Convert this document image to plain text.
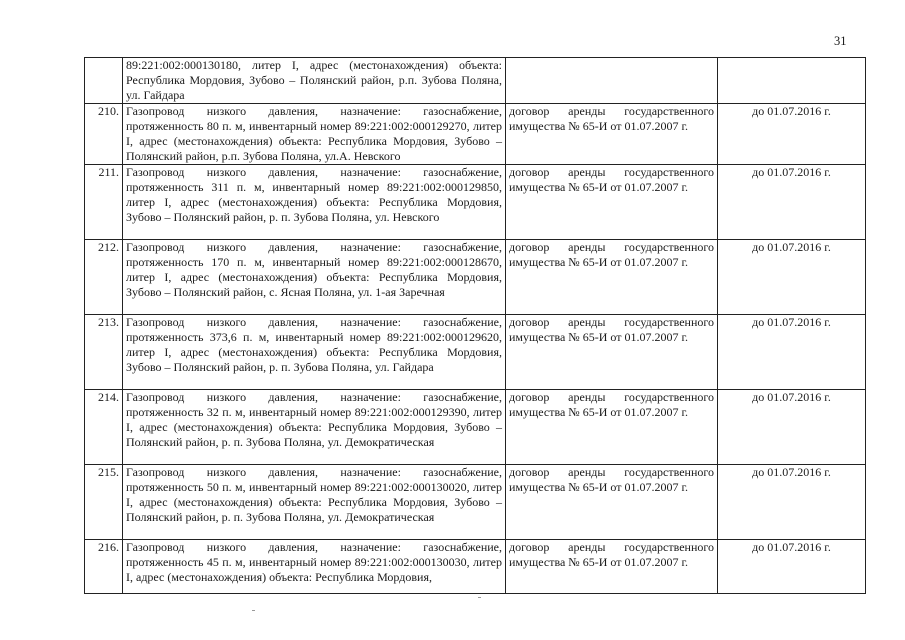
31
	89:221:002:000130180, литер I, адрес (местонахождения) объекта: Республика Мордовия, Зубово – Полянский район, р.п. Зубова Поляна, ул. Гайдара		
210.	Газопровод низкого давления, назначение: газоснабжение, протяженность 80 п. м, инвентарный номер 89:221:002:000129270, литер I, адрес (местонахождения) объекта: Республика Мордовия, Зубово – Полянский район, р.п. Зубова Поляна, ул.А. Невского	договор аренды государственного имущества № 65-И от 01.07.2007 г.	до 01.07.2016 г.
211.	Газопровод низкого давления, назначение: газоснабжение, протяженность 311 п. м, инвентарный номер 89:221:002:000129850, литер I, адрес (местонахождения) объекта: Республика Мордовия, Зубово – Полянский район, р. п. Зубова Поляна, ул. Невского	договор аренды государственного имущества № 65-И от 01.07.2007 г.	до 01.07.2016 г.
212.	Газопровод низкого давления, назначение: газоснабжение, протяженность 170 п. м, инвентарный номер 89:221:002:000128670, литер I, адрес (местонахождения) объекта: Республика Мордовия, Зубово – Полянский район, с. Ясная Поляна, ул. 1-ая Заречная	договор аренды государственного имущества № 65-И от 01.07.2007 г.	до 01.07.2016 г.
213.	Газопровод низкого давления, назначение: газоснабжение, протяженность 373,6 п. м, инвентарный номер 89:221:002:000129620, литер I, адрес (местонахождения) объекта: Республика Мордовия, Зубово – Полянский район, р. п. Зубова Поляна, ул. Гайдара	договор аренды государственного имущества № 65-И от 01.07.2007 г.	до 01.07.2016 г.
214.	Газопровод низкого давления, назначение: газоснабжение, протяженность 32 п. м, инвентарный номер 89:221:002:000129390, литер I, адрес (местонахождения) объекта: Республика Мордовия, Зубово – Полянский район, р. п. Зубова Поляна, ул. Демократическая	договор аренды государственного имущества № 65-И от 01.07.2007 г.	до 01.07.2016 г.
215.	Газопровод низкого давления, назначение: газоснабжение, протяженность 50 п. м, инвентарный номер 89:221:002:000130020, литер I, адрес (местонахождения) объекта: Республика Мордовия, Зубово – Полянский район, р. п. Зубова Поляна, ул. Демократическая	договор аренды государственного имущества № 65-И от 01.07.2007 г.	до 01.07.2016 г.
216.	Газопровод низкого давления, назначение: газоснабжение, протяженность 45 п. м, инвентарный номер 89:221:002:000130030, литер I, адрес (местонахождения) объекта: Республика Мордовия,	договор аренды государственного имущества № 65-И от 01.07.2007 г.	до 01.07.2016 г.
